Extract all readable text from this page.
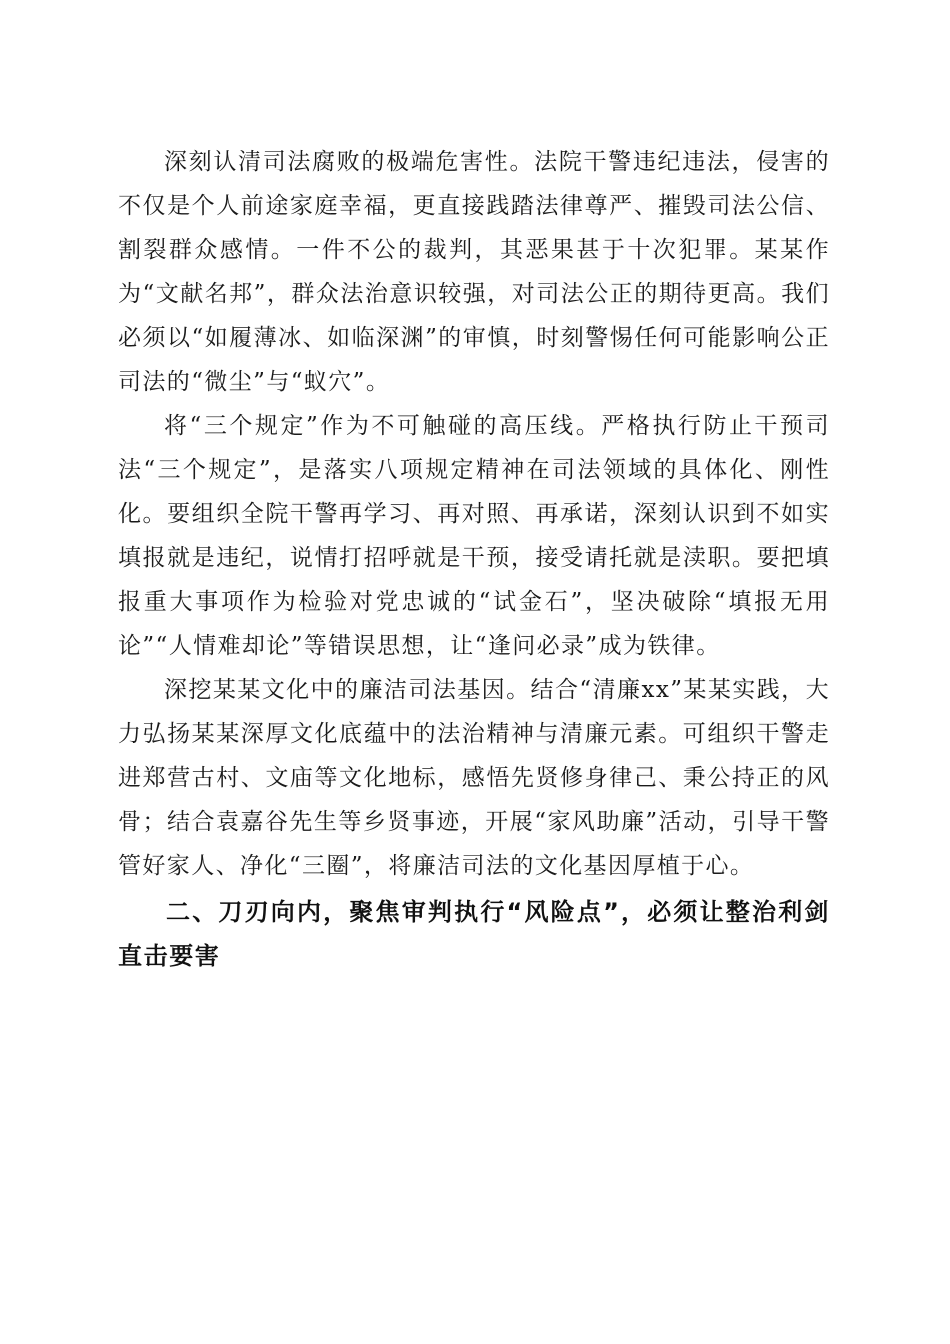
深刻认清司法腐败的极端危害性。法院干警违纪违法，侵害的不仅是个人前途家庭幸福，更直接践踏法律尊严、摧毁司法公信、割裂群众感情。一件不公的裁判，其恶果甚于十次犯罪。某某作为“文献名邦”，群众法治意识较强，对司法公正的期待更高。我们必须以“如履薄冰、如临深渊”的审慎，时刻警惕任何可能影响公正司法的“微尘”与“蚁穴”。

将“三个规定”作为不可触碰的高压线。严格执行防止干预司法“三个规定”，是落实八项规定精神在司法领域的具体化、刚性化。要组织全院干警再学习、再对照、再承诺，深刻认识到不如实填报就是违纪，说情打招呼就是干预，接受请托就是渎职。要把填报重大事项作为检验对党忠诚的“试金石”，坚决破除“填报无用论”“人情难却论”等错误思想，让“逢问必录”成为铁律。

深挖某某文化中的廉洁司法基因。结合“清廉xx”某某实践，大力弘扬某某深厚文化底蕴中的法治精神与清廉元素。可组织干警走进郑营古村、文庙等文化地标，感悟先贤修身律己、秉公持正的风骨；结合袁嘉谷先生等乡贤事迹，开展“家风助廉”活动，引导干警管好家人、净化“三圈”，将廉洁司法的文化基因厚植于心。

二、刀刃向内，聚焦审判执行“风险点”，必须让整治利剑直击要害
